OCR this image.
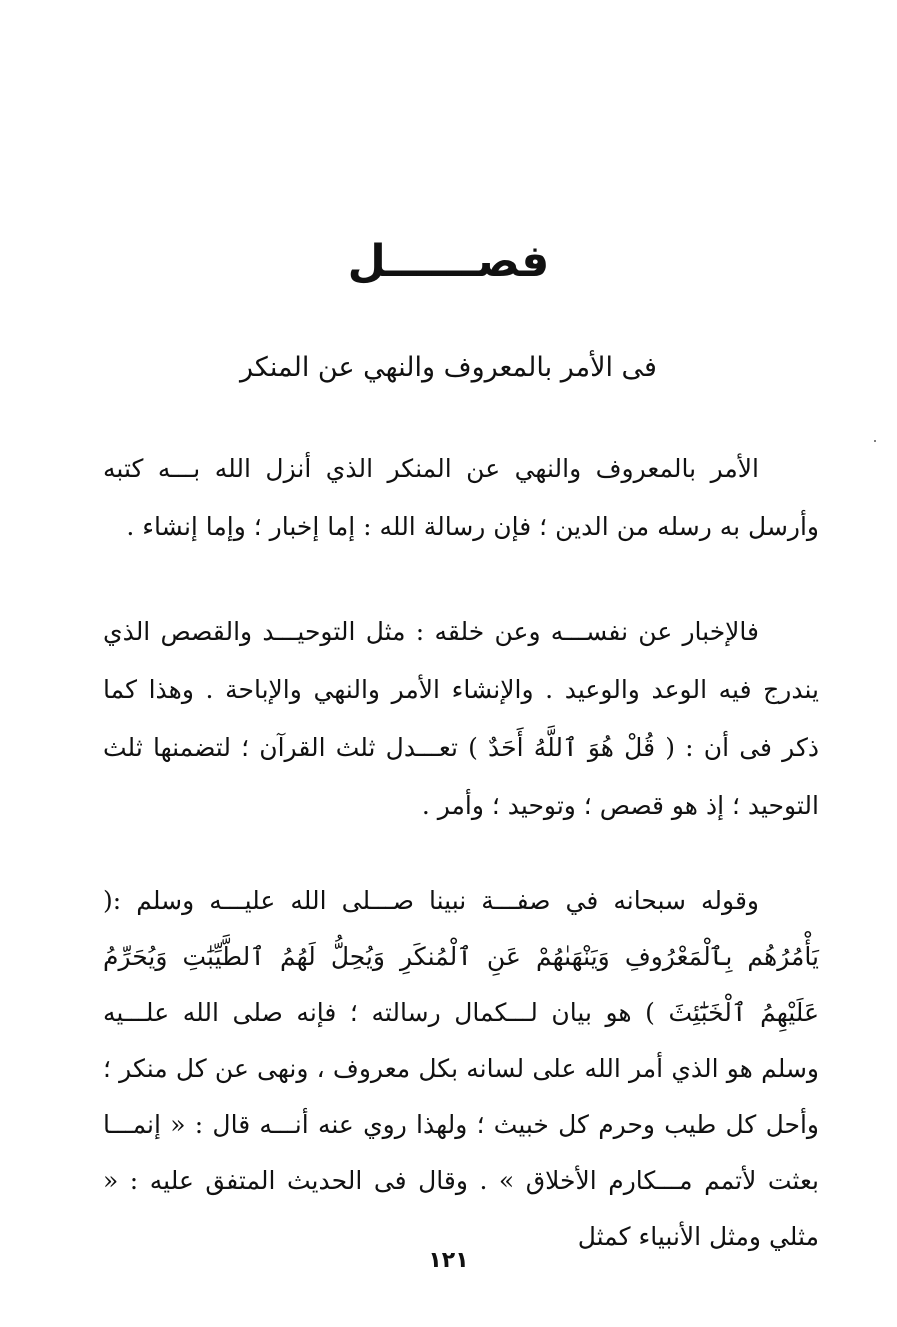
فصــــــل
فى الأمر بالمعروف والنهي عن المنكر

الأمر بالمعروف والنهي عن المنكر الذي أنزل الله بـــه كتبه وأرسل به رسله من الدين ؛ فإن رسالة الله : إما إخبار ؛ وإما إنشاء .

فالإخبار عن نفســـه وعن خلقه : مثل التوحيـــد والقصص الذي يندرج فيه الوعد والوعيد . والإنشاء الأمر والنهي والإباحة . وهذا كما ذكر فى أن : ( قُلْ هُوَ ٱللَّهُ أَحَدٌ ) تعـــدل ثلث القرآن ؛ لتضمنها ثلث التوحيد ؛ إذ هو قصص ؛ وتوحيد ؛ وأمر .

وقوله سبحانه في صفـــة نبينا صـــلى الله عليـــه وسلم :( يَأْمُرُهُم بِٱلْمَعْرُوفِ وَيَنْهَىٰهُمْ عَنِ ٱلْمُنكَرِ وَيُحِلُّ لَهُمُ ٱلطَّيِّبَٰتِ وَيُحَرِّمُ عَلَيْهِمُ ٱلْخَبَٰٓئِثَ ) هو بيان لـــكمال رسالته ؛ فإنه صلى الله علـــيه وسلم هو الذي أمر الله على لسانه بكل معروف ، ونهى عن كل منكر ؛ وأحل كل طيب وحرم كل خبيث ؛ ولهذا روي عنه أنـــه قال : « إنمـــا بعثت لأتمم مـــكارم الأخلاق » . وقال فى الحديث المتفق عليه : « مثلي ومثل الأنبياء كمثل

١٢١
